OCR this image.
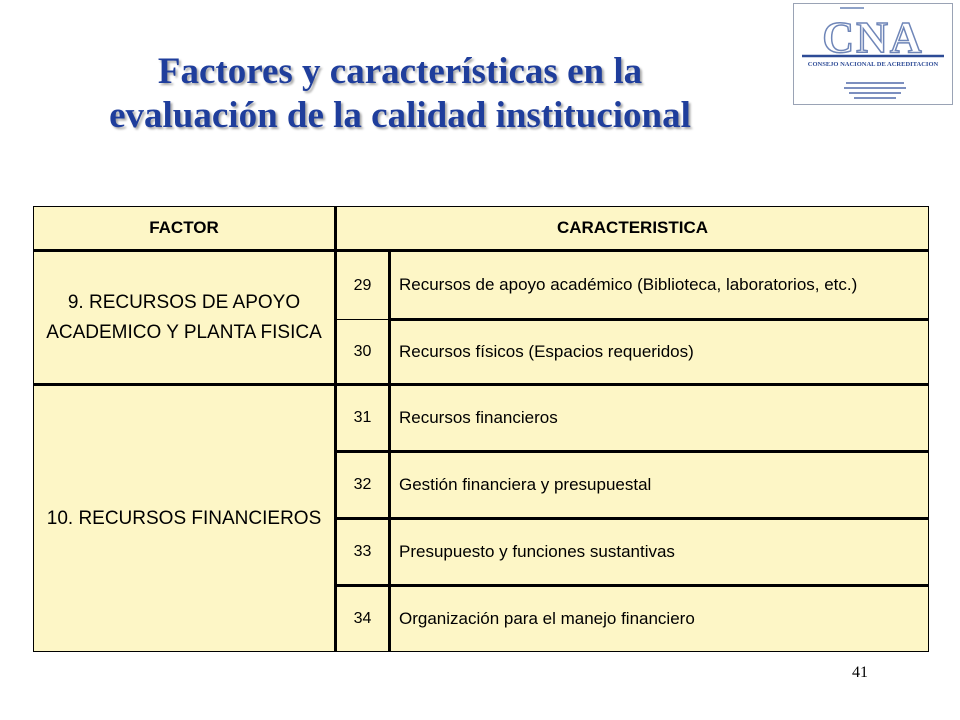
Factores y características en la
evaluación de la calidad institucional
CNA
CONSEJO NACIONAL DE ACREDITACION
FACTOR	CARACTERISTICA	
9. RECURSOS DE APOYO ACADEMICO Y PLANTA FISICA	29	Recursos de apoyo académico (Biblioteca, laboratorios, etc.)
	30	Recursos físicos (Espacios requeridos)
10. RECURSOS FINANCIEROS	31	Recursos financieros
	32	Gestión financiera y presupuestal
	33	Presupuesto y funciones sustantivas
	34	Organización para el manejo financiero
41
